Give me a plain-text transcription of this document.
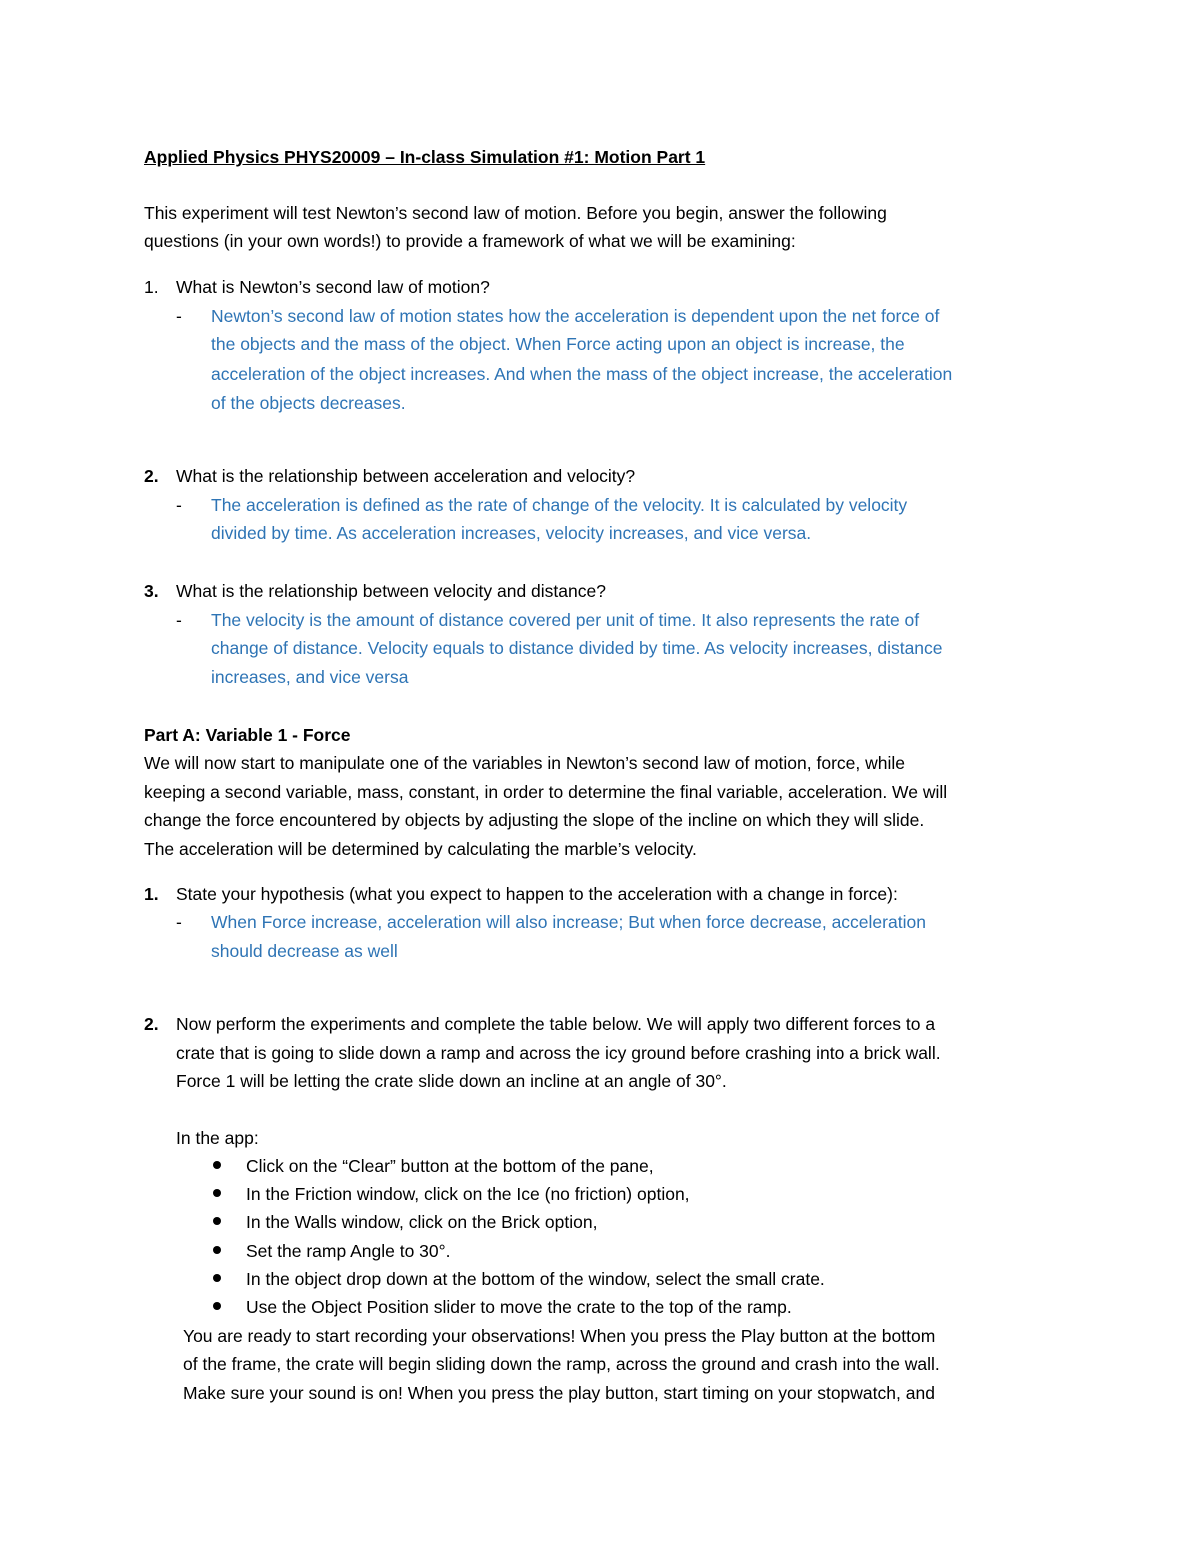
Applied Physics PHYS20009 – In-class Simulation #1: Motion Part 1
This experiment will test Newton’s second law of motion. Before you begin, answer the following
questions (in your own words!) to provide a framework of what we will be examining:
1. What is Newton’s second law of motion?
- Newton’s second law of motion states how the acceleration is dependent upon the net force of
the objects and the mass of the object. When Force acting upon an object is increase, the
acceleration of the object increases. And when the mass of the object increase, the acceleration
of the objects decreases.
2. What is the relationship between acceleration and velocity?
- The acceleration is defined as the rate of change of the velocity. It is calculated by velocity
divided by time. As acceleration increases, velocity increases, and vice versa.
3. What is the relationship between velocity and distance?
- The velocity is the amount of distance covered per unit of time. It also represents the rate of
change of distance. Velocity equals to distance divided by time. As velocity increases, distance
increases, and vice versa
Part A: Variable 1 - Force
We will now start to manipulate one of the variables in Newton’s second law of motion, force, while
keeping a second variable, mass, constant, in order to determine the final variable, acceleration. We will
change the force encountered by objects by adjusting the slope of the incline on which they will slide.
The acceleration will be determined by calculating the marble’s velocity.
1. State your hypothesis (what you expect to happen to the acceleration with a change in force):
- When Force increase, acceleration will also increase; But when force decrease, acceleration
should decrease as well
2. Now perform the experiments and complete the table below. We will apply two different forces to a
crate that is going to slide down a ramp and across the icy ground before crashing into a brick wall.
Force 1 will be letting the crate slide down an incline at an angle of 30°.
In the app:
Click on the “Clear” button at the bottom of the pane,
In the Friction window, click on the Ice (no friction) option,
In the Walls window, click on the Brick option,
Set the ramp Angle to 30°.
In the object drop down at the bottom of the window, select the small crate.
Use the Object Position slider to move the crate to the top of the ramp.
You are ready to start recording your observations! When you press the Play button at the bottom
of the frame, the crate will begin sliding down the ramp, across the ground and crash into the wall.
Make sure your sound is on! When you press the play button, start timing on your stopwatch, and
